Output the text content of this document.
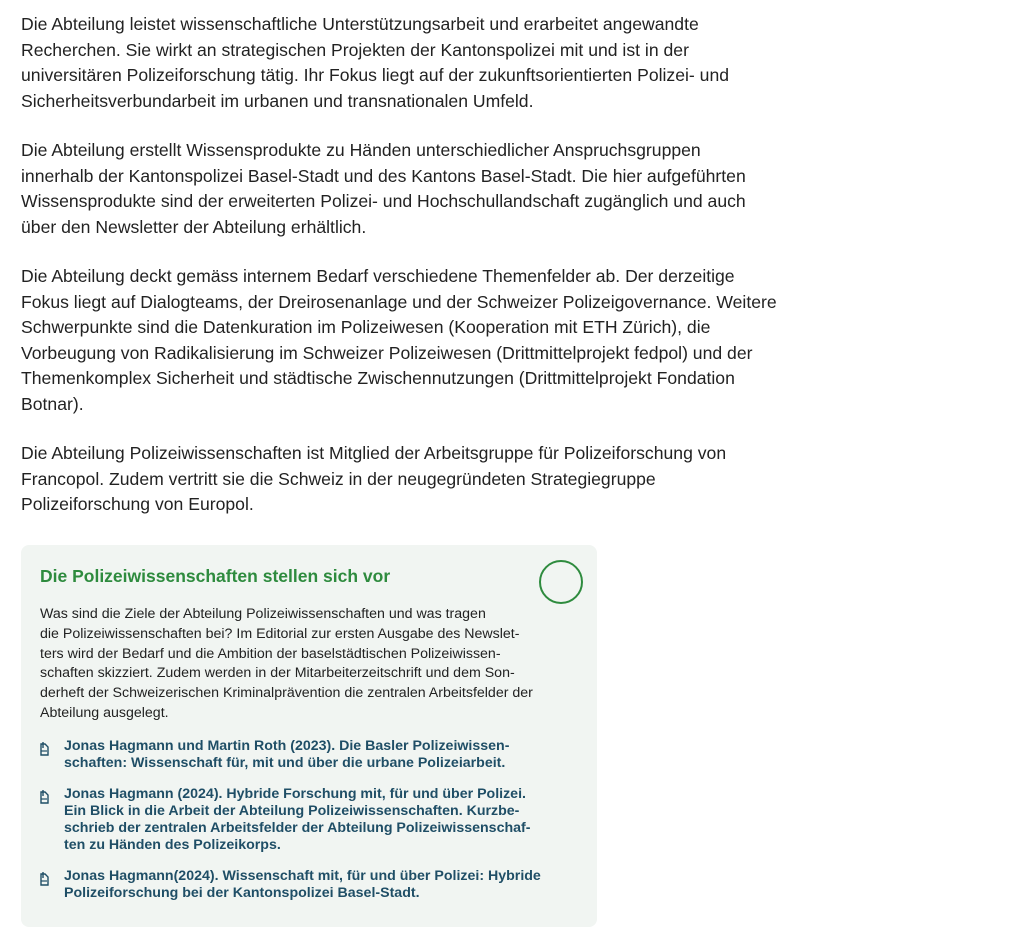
Die Abteilung leistet wissenschaftliche Unterstützungsarbeit und erarbeitet angewandte
Recherchen. Sie wirkt an strategischen Projekten der Kantonspolizei mit und ist in der
universitären Polizeiforschung tätig. Ihr Fokus liegt auf der zukunftsorientierten Polizei- und
Sicherheitsverbundarbeit im urbanen und transnationalen Umfeld.

Die Abteilung erstellt Wissensprodukte zu Händen unterschiedlicher Anspruchsgruppen
innerhalb der Kantonspolizei Basel-Stadt und des Kantons Basel-Stadt. Die hier aufgeführten
Wissensprodukte sind der erweiterten Polizei- und Hochschullandschaft zugänglich und auch
über den Newsletter der Abteilung erhältlich.

Die Abteilung deckt gemäss internem Bedarf verschiedene Themenfelder ab. Der derzeitige
Fokus liegt auf Dialogteams, der Dreirosenanlage und der Schweizer Polizeigovernance. Weitere
Schwerpunkte sind die Datenkuration im Polizeiwesen (Kooperation mit ETH Zürich), die
Vorbeugung von Radikalisierung im Schweizer Polizeiwesen (Drittmittelprojekt fedpol) und der
Themenkomplex Sicherheit und städtische Zwischennutzungen (Drittmittelprojekt Fondation
Botnar).

Die Abteilung Polizeiwissenschaften ist Mitglied der Arbeitsgruppe für Polizeiforschung von
Francopol. Zudem vertritt sie die Schweiz in der neugegründeten Strategiegruppe
Polizeiforschung von Europol.

Die Polizeiwissenschaften stellen sich vor

Was sind die Ziele der Abteilung Polizeiwissenschaften und was tragen
die Polizeiwissenschaften bei? Im Editorial zur ersten Ausgabe des Newslet-
ters wird der Bedarf und die Ambition der baselstädtischen Polizeiwissen-
schaften skizziert. Zudem werden in der Mitarbeiterzeitschrift und dem Son-
derheft der Schweizerischen Kriminalprävention die zentralen Arbeitsfelder der
Abteilung ausgelegt.

Jonas Hagmann und Martin Roth (2023). Die Basler Polizeiwissen-
schaften: Wissenschaft für, mit und über die urbane Polizeiarbeit.
Jonas Hagmann (2024). Hybride Forschung mit, für und über Polizei.
Ein Blick in die Arbeit der Abteilung Polizeiwissenschaften. Kurzbe-
schrieb der zentralen Arbeitsfelder der Abteilung Polizeiwissenschaf-
ten zu Händen des Polizeikorps.
Jonas Hagmann(2024). Wissenschaft mit, für und über Polizei: Hybride
Polizeiforschung bei der Kantonspolizei Basel-Stadt.
